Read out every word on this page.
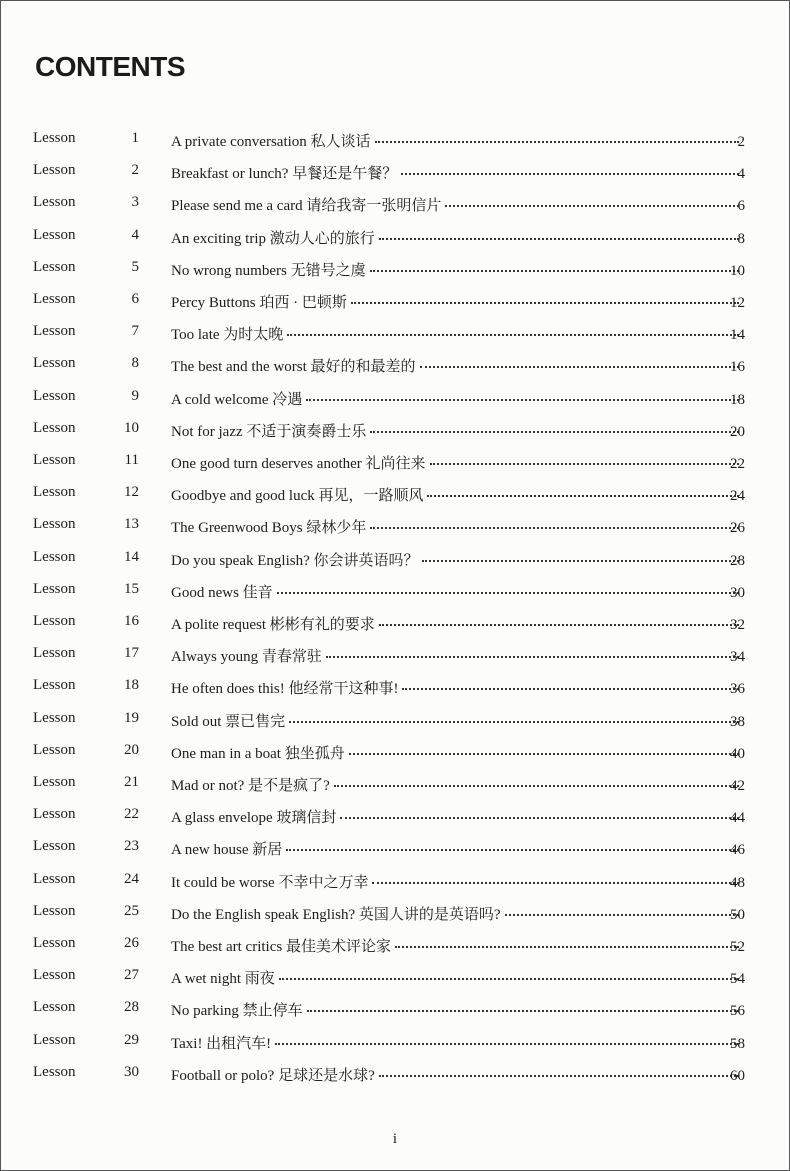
CONTENTS
Lesson	1 A private conversation 私人谈话	2
Lesson	2 Breakfast or lunch? 早餐还是午餐？	4
Lesson	3 Please send me a card 请给我寄一张明信片	6
Lesson	4 An exciting trip 激动人心的旅行	8
Lesson	5 No wrong numbers 无错号之虞	10
Lesson	6 Percy Buttons 珀西 · 巴顿斯	12
Lesson	7 Too late 为时太晚	14
Lesson	8 The best and the worst 最好的和最差的	16
Lesson	9 A cold welcome 冷遇	18
Lesson	10 Not for jazz 不适于演奏爵士乐	20
Lesson	11 One good turn deserves another 礼尚往来	22
Lesson	12 Goodbye and good luck 再见，一路顺风	24
Lesson	13 The Greenwood Boys 绿林少年	26
Lesson	14 Do you speak English? 你会讲英语吗？	28
Lesson	15 Good news 佳音	30
Lesson	16 A polite request 彬彬有礼的要求	32
Lesson	17 Always young 青春常驻	34
Lesson	18 He often does this! 他经常干这种事!	36
Lesson	19 Sold out 票已售完	38
Lesson	20 One man in a boat 独坐孤舟	40
Lesson	21 Mad or not? 是不是疯了?	42
Lesson	22 A glass envelope 玻璃信封	44
Lesson	23 A new house 新居	46
Lesson	24 It could be worse 不幸中之万幸	48
Lesson	25 Do the English speak English? 英国人讲的是英语吗?	50
Lesson	26 The best art critics 最佳美术评论家	52
Lesson	27 A wet night 雨夜	54
Lesson	28 No parking 禁止停车	56
Lesson	29 Taxi! 出租汽车!	58
Lesson	30 Football or polo? 足球还是水球?	60
i
